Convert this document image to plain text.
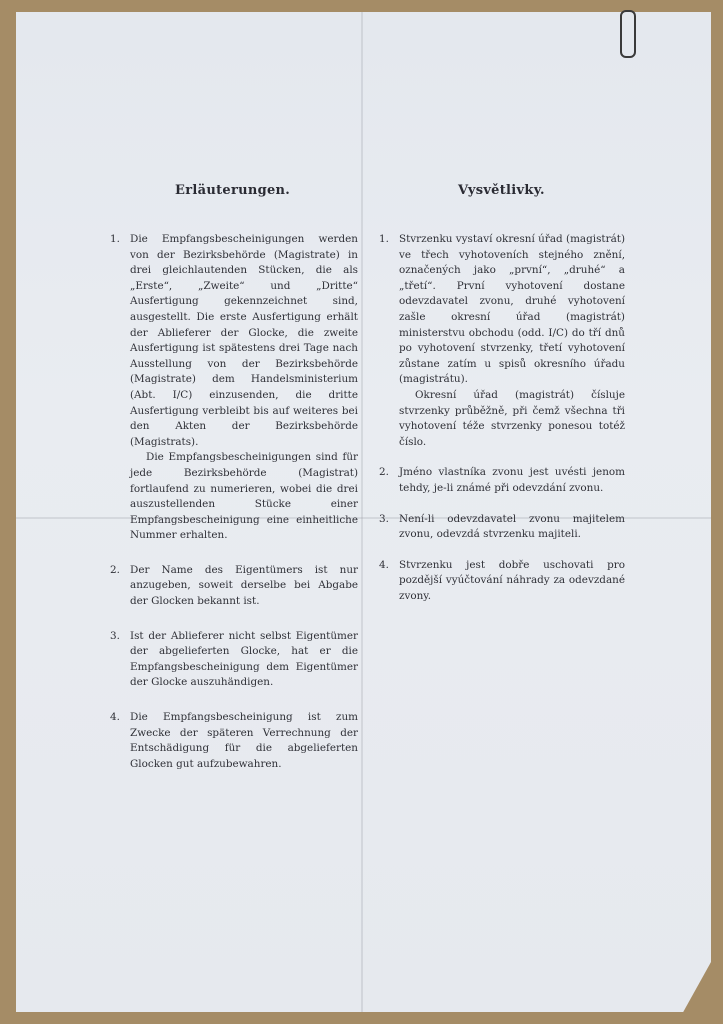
Erläuterungen.
1. Die Empfangsbescheinigungen werden von der Bezirksbehörde (Magistrate) in drei gleichlautenden Stücken, die als „Erste“, „Zweite“ und „Dritte“ Ausfertigung gekennzeichnet sind, ausgestellt. Die erste Ausfertigung erhält der Ablieferer der Glocke, die zweite Ausfertigung ist spätestens drei Tage nach Ausstellung von der Bezirksbehörde (Magistrate) dem Handelsministerium (Abt. I/C) einzusenden, die dritte Ausfertigung verbleibt bis auf weiteres bei den Akten der Bezirksbehörde (Magistrats).

Die Empfangsbescheinigungen sind für jede Bezirksbehörde (Magistrat) fortlaufend zu numerieren, wobei die drei auszustellenden Stücke einer Empfangsbescheinigung eine einheitliche Nummer erhalten.

2. Der Name des Eigentümers ist nur anzugeben, soweit derselbe bei Abgabe der Glocken bekannt ist.

3. Ist der Ablieferer nicht selbst Eigentümer der abgelieferten Glocke, hat er die Empfangsbescheinigung dem Eigentümer der Glocke auszuhändigen.

4. Die Empfangsbescheinigung ist zum Zwecke der späteren Verrechnung der Entschädigung für die abgelieferten Glocken gut aufzubewahren.

Vysvětlivky.
1. Stvrzenku vystaví okresní úřad (magistrát) ve třech vyhotoveních stejného znění, označených jako „první“, „druhé“ a „třetí“. První vyhotovení dostane odevzdavatel zvonu, druhé vyhotovení zašle okresní úřad (magistrát) ministerstvu obchodu (odd. I/C) do tří dnů po vyhotovení stvrzenky, třetí vyhotovení zůstane zatím u spisů okresního úřadu (magistrátu).

Okresní úřad (magistrát) čísluje stvrzenky průběžně, při čemž všechna tři vyhotovení téže stvrzenky ponesou totéž číslo.

2. Jméno vlastníka zvonu jest uvésti jenom tehdy, je-li známé při odevzdání zvonu.

3. Není-li odevzdavatel zvonu majitelem zvonu, odevzdá stvrzenku majiteli.

4. Stvrzenku jest dobře uschovati pro pozdější vyúčtování náhrady za odevzdané zvony.
